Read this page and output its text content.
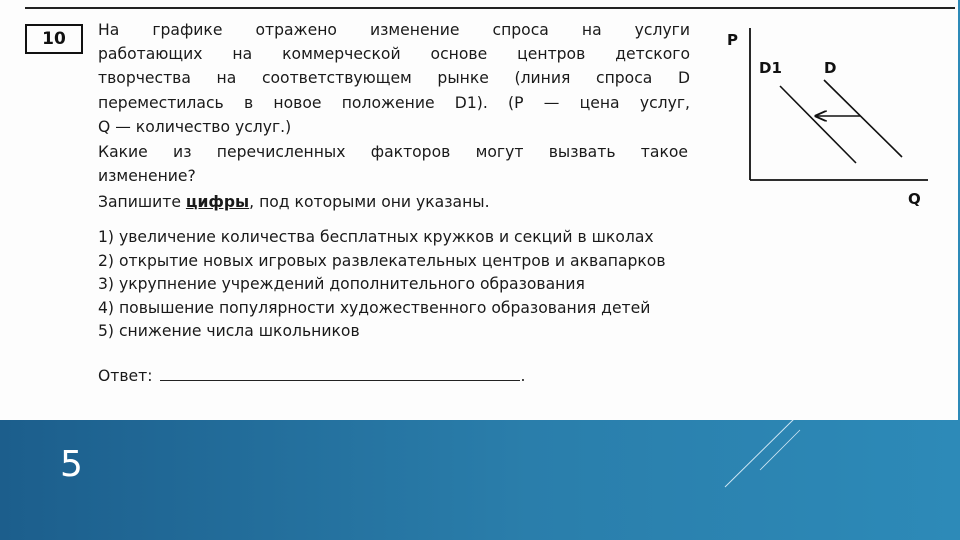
10 На графике отражено изменение спроса на услуги
работающих на коммерческой основе центров детского
творчества на соответствующем рынке (линия спроса D
переместилась в новое положение D1). (P — цена услуг,
Q — количество услуг.)
Какие из перечисленных факторов могут вызвать такое
изменение?
Запишите цифры, под которыми они указаны.
1) увеличение количества бесплатных кружков и секций в школах
2) открытие новых игровых развлекательных центров и аквапарков
3) укрупнение учреждений дополнительного образования
4) повышение популярности художественного образования детей
5) снижение числа школьников
Ответ:	.
P
Q
D1	D
5
